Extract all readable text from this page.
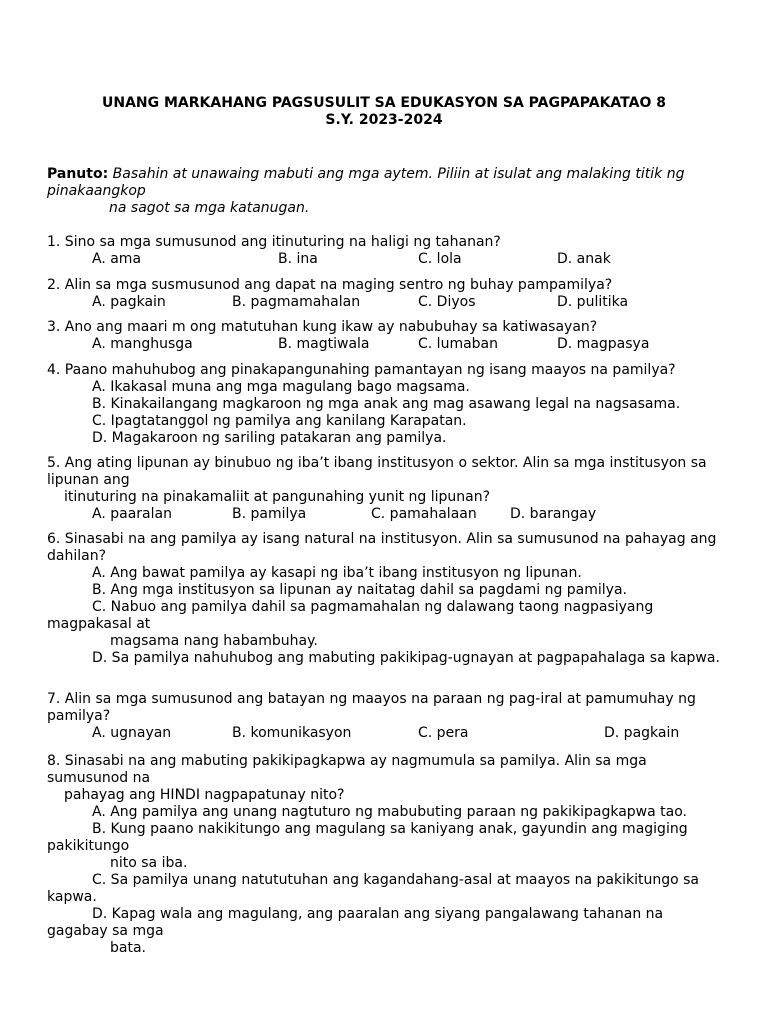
UNANG MARKAHANG PAGSUSULIT SA EDUKASYON SA PAGPAPAKATAO 8
S.Y. 2023-2024
Panuto: Basahin at unawaing mabuti ang mga aytem. Piliin at isulat ang malaking titik ng pinakaangkop
na sagot sa mga katanugan.
1. Sino sa mga sumusunod ang itinuturing na haligi ng tahanan?
A. ama	B. ina	C. lola	D. anak
2. Alin sa mga susmusunod ang dapat na maging sentro ng buhay pampamilya?
A. pagkain	B. pagmamahalan	C. Diyos	D. pulitika
3. Ano ang maari m ong matutuhan kung ikaw ay nabubuhay sa katiwasayan?
A. manghusga	B. magtiwala	C. lumaban	D. magpasya
4. Paano mahuhubog ang pinakapangunahing pamantayan ng isang maayos na pamilya?
A. Ikakasal muna ang mga magulang bago magsama.
B. Kinakailangang magkaroon ng mga anak ang mag asawang legal na nagsasama.
C. Ipagtatanggol ng pamilya ang kanilang Karapatan.
D. Magakaroon ng sariling patakaran ang pamilya.
5. Ang ating lipunan ay binubuo ng iba’t ibang institusyon o sektor. Alin sa mga institusyon sa lipunan ang
itinuturing na pinakamaliit at pangunahing yunit ng lipunan?
A. paaralan	B. pamilya	C. pamahalaan D. barangay
6. Sinasabi na ang pamilya ay isang natural na institusyon. Alin sa sumusunod na pahayag ang dahilan?
A. Ang bawat pamilya ay kasapi ng iba’t ibang institusyon ng lipunan.
B. Ang mga institusyon sa lipunan ay naitatag dahil sa pagdami ng pamilya.
C. Nabuo ang pamilya dahil sa pagmamahalan ng dalawang taong nagpasiyang magpakasal at
magsama nang habambuhay.
D. Sa pamilya nahuhubog ang mabuting pakikipag-ugnayan at pagpapahalaga sa kapwa.
7. Alin sa mga sumusunod ang batayan ng maayos na paraan ng pag-iral at pamumuhay ng pamilya?
A. ugnayan	B. komunikasyon	C. pera	D. pagkain
8. Sinasabi na ang mabuting pakikipagkapwa ay nagmumula sa pamilya. Alin sa mga sumusunod na
pahayag ang HINDI nagpapatunay nito?
A. Ang pamilya ang unang nagtuturo ng mabubuting paraan ng pakikipagkapwa tao.
B. Kung paano nakikitungo ang magulang sa kaniyang anak, gayundin ang magiging pakikitungo
nito sa iba.
C. Sa pamilya unang natututuhan ang kagandahang-asal at maayos na pakikitungo sa kapwa.
D. Kapag wala ang magulang, ang paaralan ang siyang pangalawang tahanan na gagabay sa mga
bata.
